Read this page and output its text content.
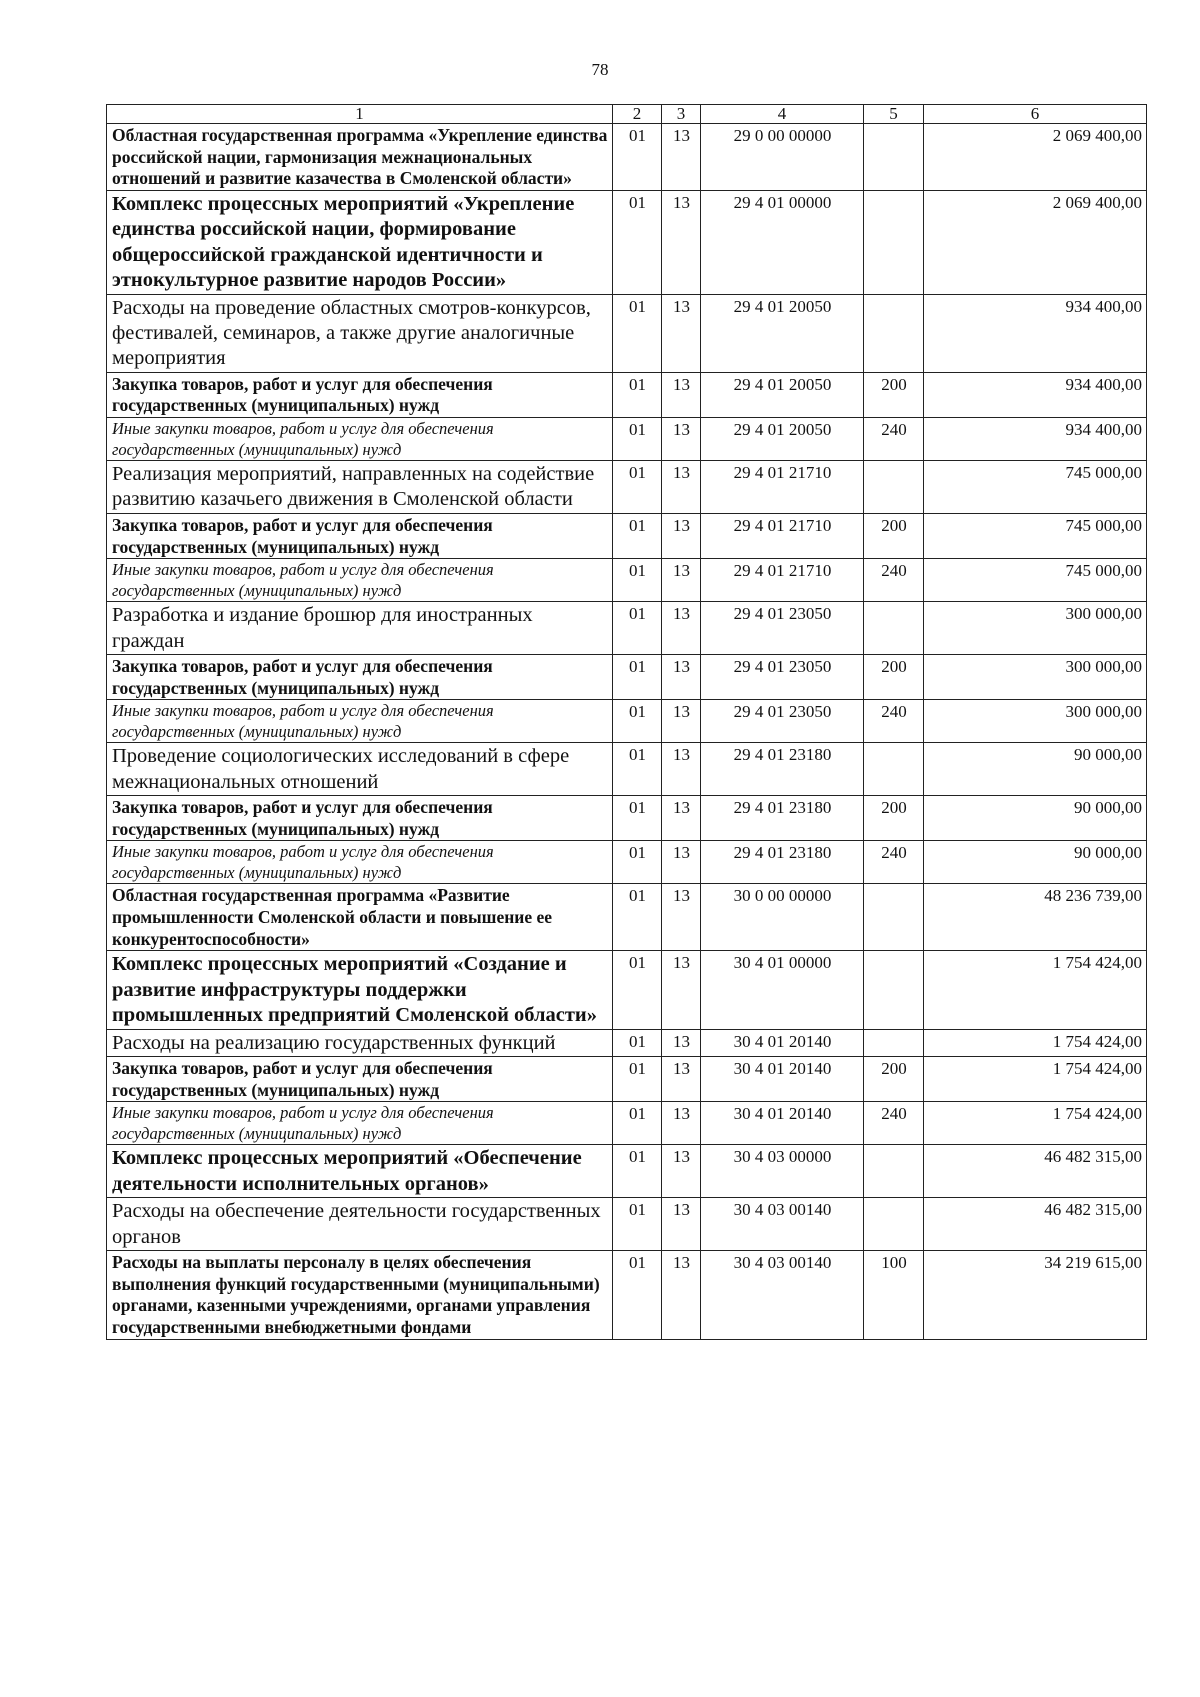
78
1	2	3	4	5	6
Областная государственная программа «Укрепление единства российской нации, гармонизация межнациональных отношений и развитие казачества в Смоленской области»	01	13	29 0 00 00000		2 069 400,00
Комплекс процессных мероприятий «Укрепление единства российской нации, формирование общероссийской гражданской идентичности и этнокультурное развитие народов России»	01	13	29 4 01 00000		2 069 400,00
Расходы на проведение областных смотров-конкурсов, фестивалей, семинаров, а также другие аналогичные мероприятия	01	13	29 4 01 20050		934 400,00
Закупка товаров, работ и услуг для обеспечения государственных (муниципальных) нужд	01	13	29 4 01 20050	200	934 400,00
Иные закупки товаров, работ и услуг для обеспечения государственных (муниципальных) нужд	01	13	29 4 01 20050	240	934 400,00
Реализация мероприятий, направленных на содействие развитию казачьего движения в Смоленской области	01	13	29 4 01 21710		745 000,00
Закупка товаров, работ и услуг для обеспечения государственных (муниципальных) нужд	01	13	29 4 01 21710	200	745 000,00
Иные закупки товаров, работ и услуг для обеспечения государственных (муниципальных) нужд	01	13	29 4 01 21710	240	745 000,00
Разработка и издание брошюр для иностранных граждан	01	13	29 4 01 23050		300 000,00
Закупка товаров, работ и услуг для обеспечения государственных (муниципальных) нужд	01	13	29 4 01 23050	200	300 000,00
Иные закупки товаров, работ и услуг для обеспечения государственных (муниципальных) нужд	01	13	29 4 01 23050	240	300 000,00
Проведение социологических исследований в сфере межнациональных отношений	01	13	29 4 01 23180		90 000,00
Закупка товаров, работ и услуг для обеспечения государственных (муниципальных) нужд	01	13	29 4 01 23180	200	90 000,00
Иные закупки товаров, работ и услуг для обеспечения государственных (муниципальных) нужд	01	13	29 4 01 23180	240	90 000,00
Областная государственная программа «Развитие промышленности Смоленской области и повышение ее конкурентоспособности»	01	13	30 0 00 00000		48 236 739,00
Комплекс процессных мероприятий «Создание и развитие инфраструктуры поддержки промышленных предприятий Смоленской области»	01	13	30 4 01 00000		1 754 424,00
Расходы на реализацию государственных функций	01	13	30 4 01 20140		1 754 424,00
Закупка товаров, работ и услуг для обеспечения государственных (муниципальных) нужд	01	13	30 4 01 20140	200	1 754 424,00
Иные закупки товаров, работ и услуг для обеспечения государственных (муниципальных) нужд	01	13	30 4 01 20140	240	1 754 424,00
Комплекс процессных мероприятий «Обеспечение деятельности исполнительных органов»	01	13	30 4 03 00000		46 482 315,00
Расходы на обеспечение деятельности государственных органов	01	13	30 4 03 00140		46 482 315,00
Расходы на выплаты персоналу в целях обеспечения выполнения функций государственными (муниципальными) органами, казенными учреждениями, органами управления государственными внебюджетными фондами	01	13	30 4 03 00140	100	34 219 615,00
